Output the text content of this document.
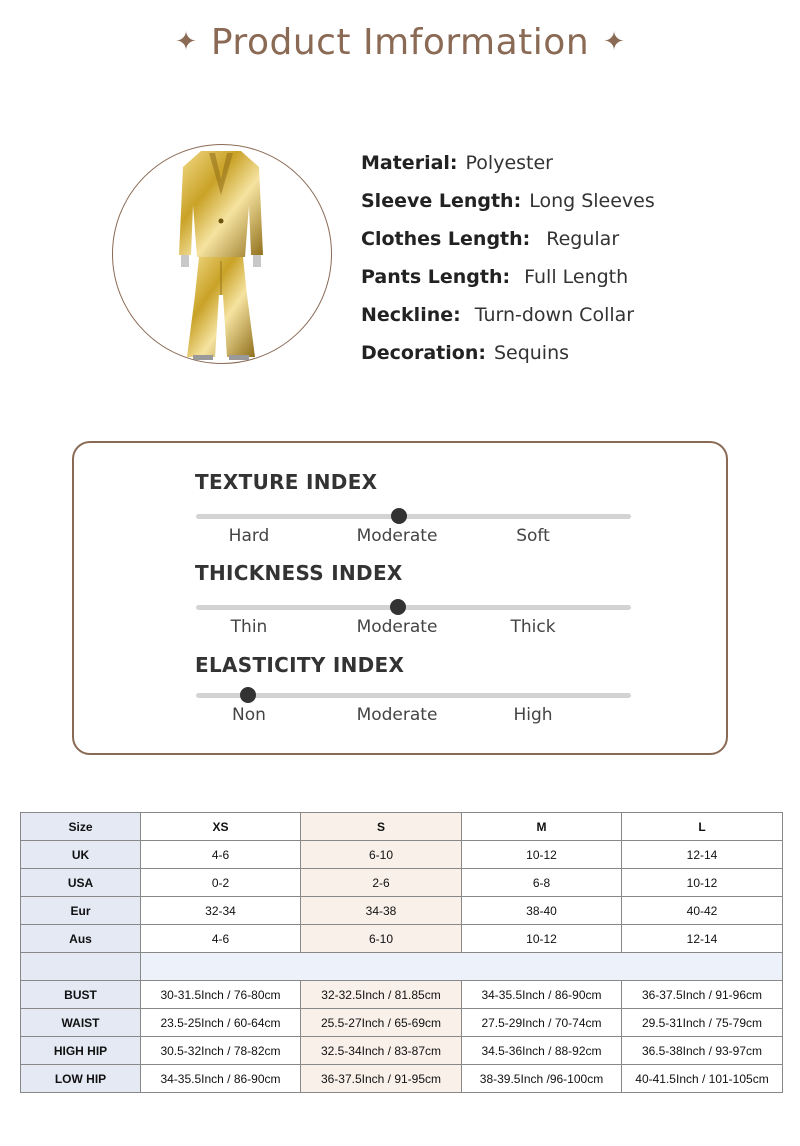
✦ Product Imformation ✦
Material: Polyester
Sleeve Length: Long Sleeves
Clothes Length: Regular
Pants Length: Full Length
Neckline: Turn-down Collar
Decoration: Sequins
TEXTURE INDEX
Hard	Moderate	Soft
THICKNESS INDEX
Thin	Moderate	Thick
ELASTICITY INDEX
Non	Moderate	High
Size	XS	S	M	L
UK	4-6	6-10	10-12	12-14
USA	0-2	2-6	6-8	10-12
Eur	32-34	34-38	38-40	40-42
Aus	4-6	6-10	10-12	12-14

BUST	30-31.5Inch / 76-80cm	32-32.5Inch / 81.85cm	34-35.5Inch / 86-90cm	36-37.5Inch / 91-96cm
WAIST	23.5-25Inch / 60-64cm	25.5-27Inch / 65-69cm	27.5-29Inch / 70-74cm	29.5-31Inch / 75-79cm
HIGH HIP	30.5-32Inch / 78-82cm	32.5-34Inch / 83-87cm	34.5-36Inch / 88-92cm	36.5-38Inch / 93-97cm
LOW HIP	34-35.5Inch / 86-90cm	36-37.5Inch / 91-95cm	38-39.5Inch /96-100cm	40-41.5Inch / 101-105cm
